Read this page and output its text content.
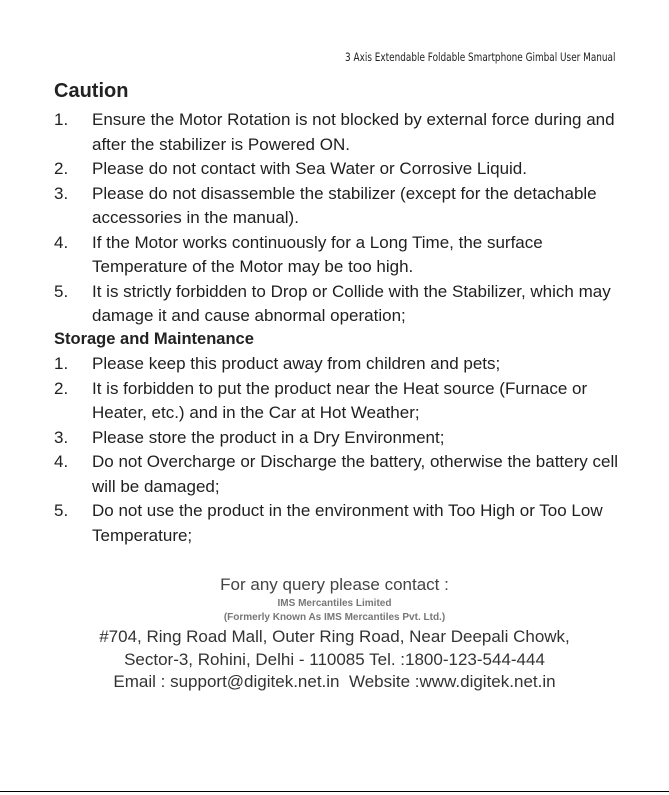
3 Axis Extendable Foldable Smartphone Gimbal User Manual
Caution
1. Ensure the Motor Rotation is not blocked by external force during and after the stabilizer is Powered ON.
2. Please do not contact with Sea Water or Corrosive Liquid.
3. Please do not disassemble the stabilizer (except for the detachable accessories in the manual).
4. If the Motor works continuously for a Long Time, the surface Temperature of the Motor may be too high.
5. It is strictly forbidden to Drop or Collide with the Stabilizer, which may damage it and cause abnormal operation;
Storage and Maintenance
1. Please keep this product away from children and pets;
2. It is forbidden to put the product near the Heat source (Furnace or Heater, etc.) and in the Car at Hot Weather;
3. Please store the product in a Dry Environment;
4. Do not Overcharge or Discharge the battery, otherwise the battery cell will be damaged;
5. Do not use the product in the environment with Too High or Too Low Temperature;
For any query please contact :
IMS Mercantiles Limited
(Formerly Known As IMS Mercantiles Pvt. Ltd.)
#704, Ring Road Mall, Outer Ring Road, Near Deepali Chowk,
Sector-3, Rohini, Delhi - 110085 Tel. :1800-123-544-444
Email : support@digitek.net.in  Website :www.digitek.net.in
